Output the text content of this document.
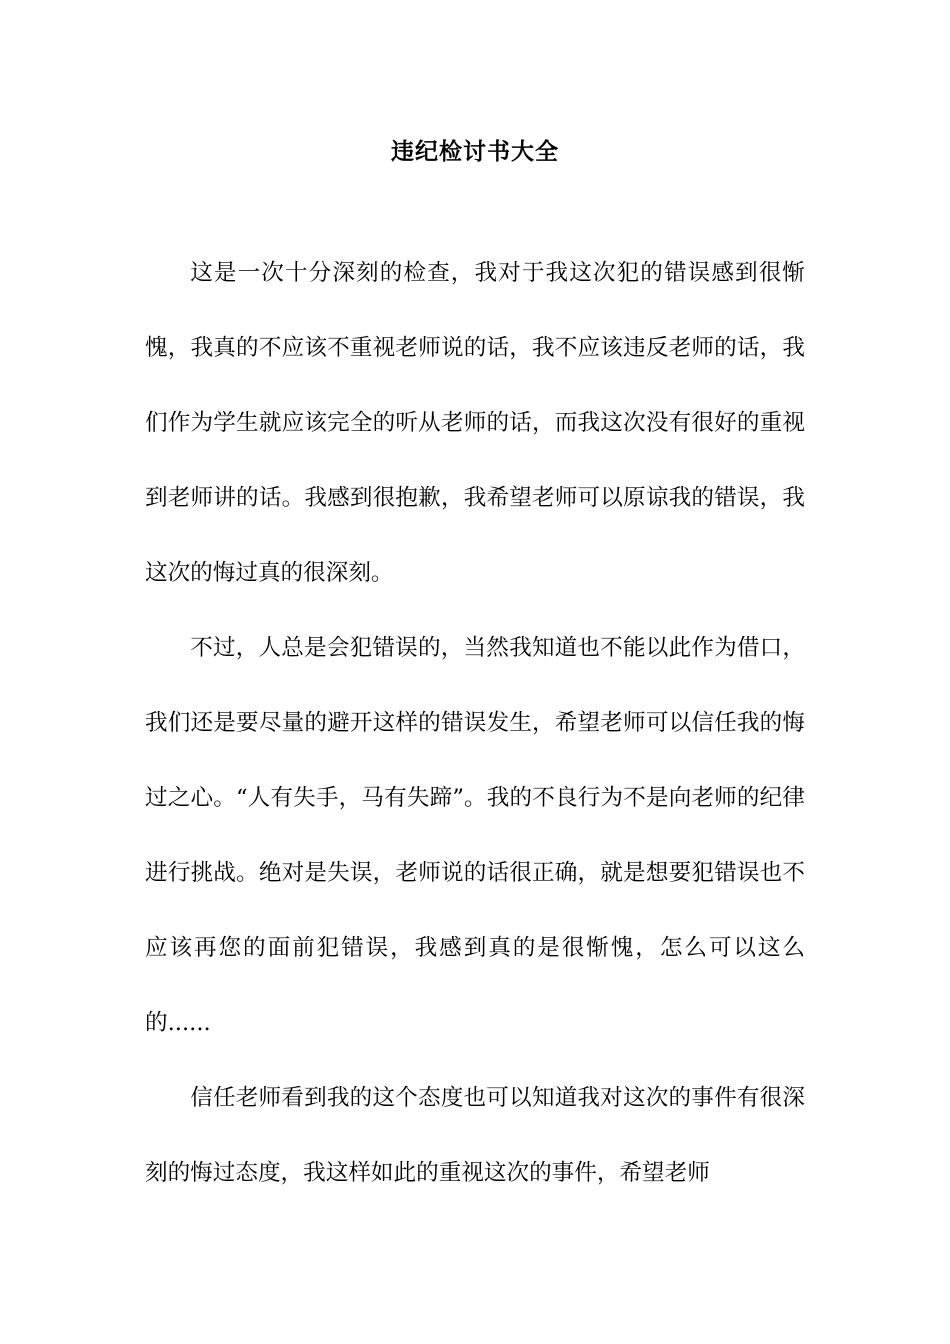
违纪检讨书大全

这是一次十分深刻的检查，我对于我这次犯的错误感到很惭愧，我真的不应该不重视老师说的话，我不应该违反老师的话，我们作为学生就应该完全的听从老师的话，而我这次没有很好的重视到老师讲的话。我感到很抱歉，我希望老师可以原谅我的错误，我这次的悔过真的很深刻。

不过，人总是会犯错误的，当然我知道也不能以此作为借口，我们还是要尽量的避开这样的错误发生，希望老师可以信任我的悔过之心。“人有失手，马有失蹄”。我的不良行为不是向老师的纪律进行挑战。绝对是失误，老师说的话很正确，就是想要犯错误也不应该再您的面前犯错误，我感到真的是很惭愧，怎么可以这么的......

信任老师看到我的这个态度也可以知道我对这次的事件有很深刻的悔过态度，我这样如此的重视这次的事件，希望老师
